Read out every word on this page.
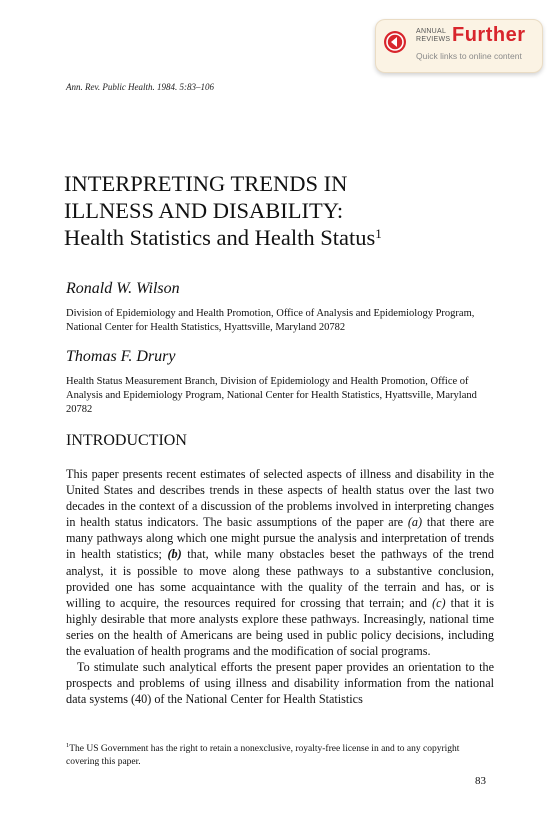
ANNUAL REVIEWS Further
Quick links to online content
Ann. Rev. Public Health. 1984. 5:83–106
INTERPRETING TRENDS IN
ILLNESS AND DISABILITY:
Health Statistics and Health Status$^1$
Ronald W. Wilson
Division of Epidemiology and Health Promotion, Office of Analysis and Epidemiology Program, National Center for Health Statistics, Hyattsville, Maryland 20782
Thomas F. Drury
Health Status Measurement Branch, Division of Epidemiology and Health Promotion, Office of Analysis and Epidemiology Program, National Center for Health Statistics, Hyattsville, Maryland 20782
INTRODUCTION

This paper presents recent estimates of selected aspects of illness and disability in the United States and describes trends in these aspects of health status over the last two decades in the context of a discussion of the problems involved in interpreting changes in health status indicators. The basic assumptions of the paper are (a) that there are many pathways along which one might pursue the analysis and interpretation of trends in health statistics; (b) that, while many obstacles beset the pathways of the trend analyst, it is possible to move along these pathways to a substantive conclusion, provided one has some acquaintance with the quality of the terrain and has, or is willing to acquire, the resources required for crossing that terrain; and (c) that it is highly desirable that more analysts explore these pathways. Increasingly, national time series on the health of Americans are being used in public policy decisions, including the evaluation of health programs and the modification of social programs.

To stimulate such analytical efforts the present paper provides an orientation to the prospects and problems of using illness and disability information from the national data systems (40) of the National Center for Health Statistics

$^1$The US Government has the right to retain a nonexclusive, royalty-free license in and to any copyright covering this paper.
83
